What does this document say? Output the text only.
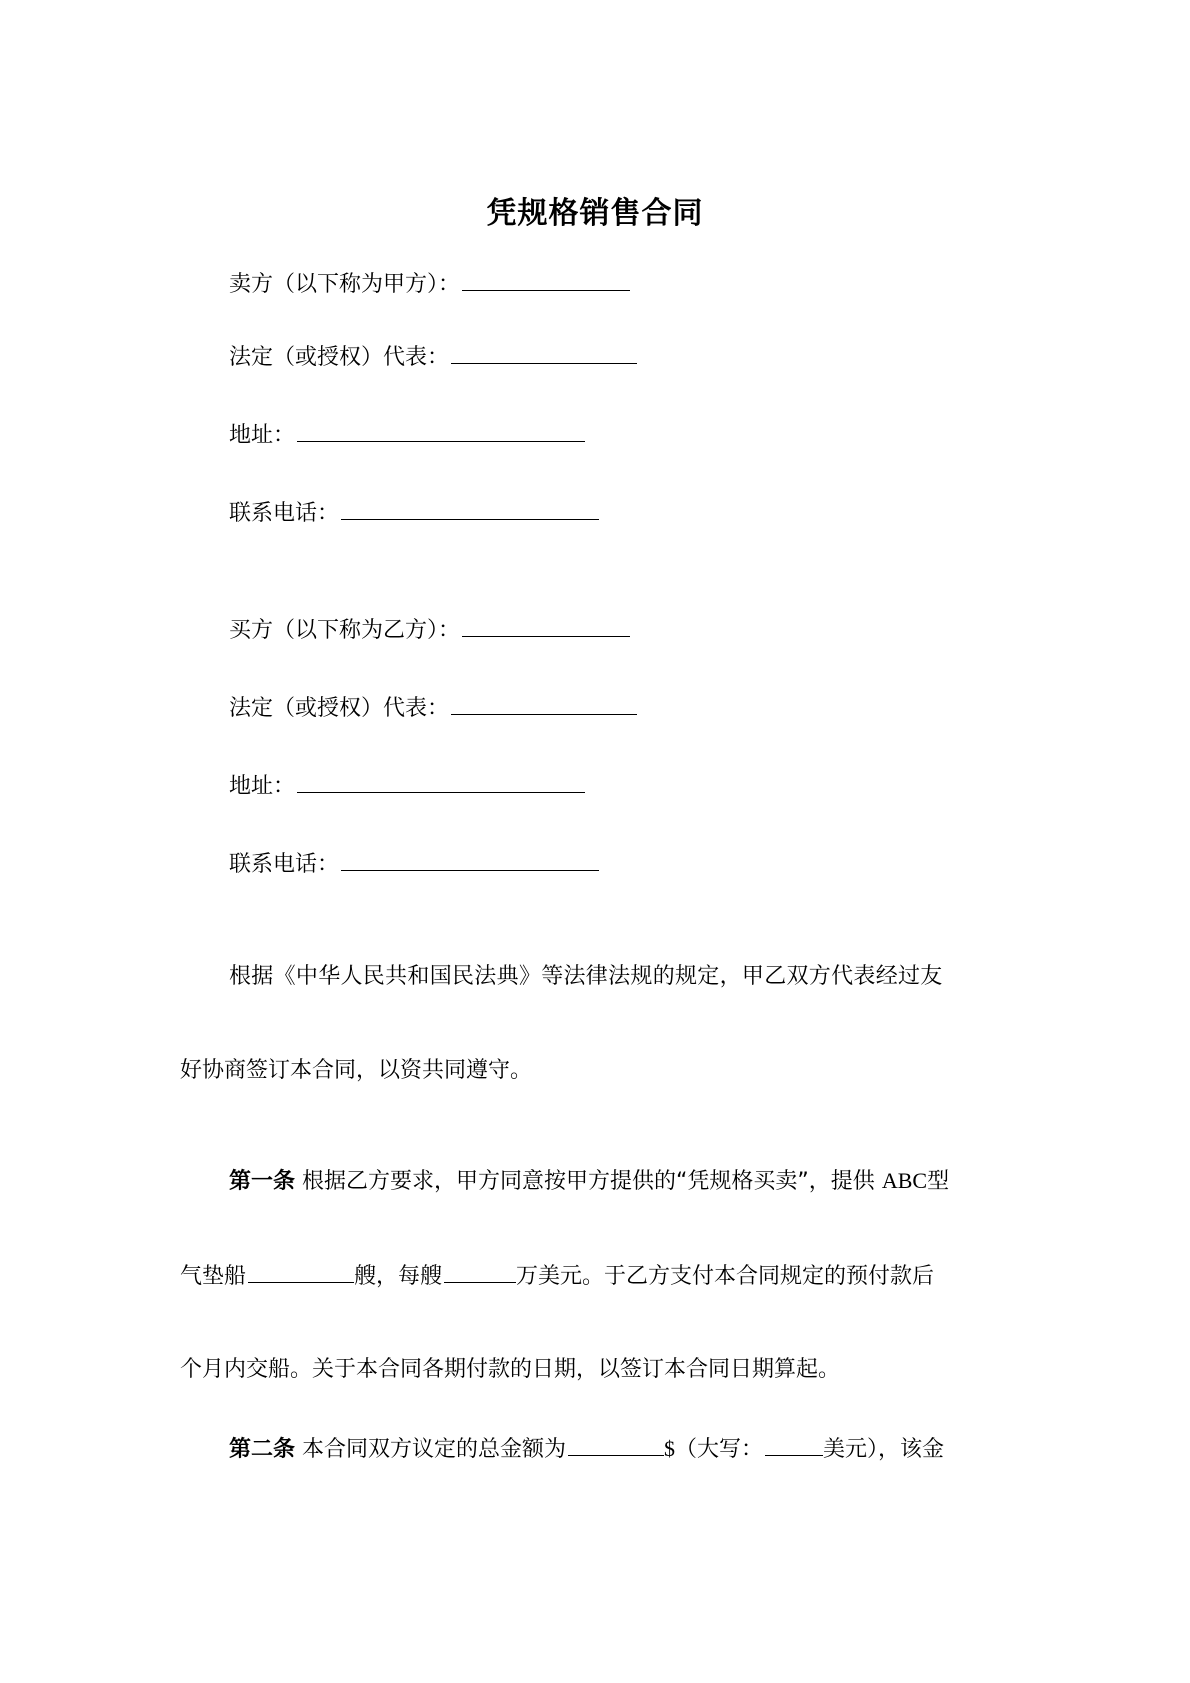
凭规格销售合同
卖方（以下称为甲方）：
法定（或授权）代表：
地址：
联系电话：
买方（以下称为乙方）：
法定（或授权）代表：
地址：
联系电话：
根据《中华人民共和国民法典》等法律法规的规定，甲乙双方代表经过友
好协商签订本合同，以资共同遵守。
第一条 根据乙方要求，甲方同意按甲方提供的“凭规格买卖”，提供 ABC型
气垫船	艘，每艘	万美元。于乙方支付本合同规定的预付款后
个月内交船。关于本合同各期付款的日期，以签订本合同日期算起。
第二条 本合同双方议定的总金额为	$（大写：	美元），该金
